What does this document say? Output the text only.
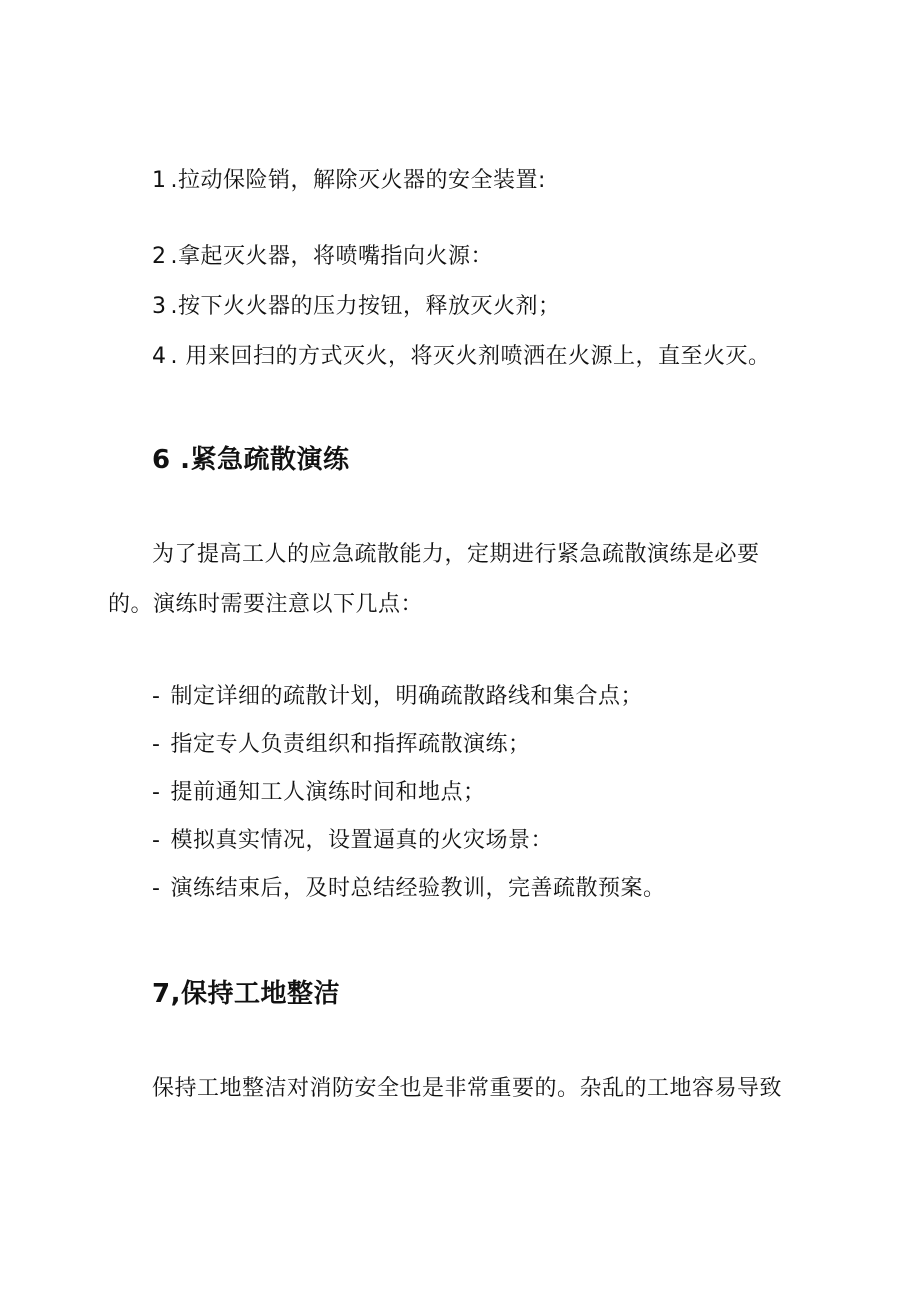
1 .拉动保险销，解除灭火器的安全装置:
2 .拿起灭火器，将喷嘴指向火源：
3 .按下火火器的压力按钮，释放灭火剂；
4 . 用来回扫的方式灭火，将灭火剂喷洒在火源上，直至火灭。
6 .紧急疏散演练
为了提高工人的应急疏散能力，定期进行紧急疏散演练是必要
的。演练时需要注意以下几点：
- 制定详细的疏散计划，明确疏散路线和集合点；
- 指定专人负责组织和指挥疏散演练；
- 提前通知工人演练时间和地点；
- 模拟真实情况，设置逼真的火灾场景：
- 演练结束后，及时总结经验教训，完善疏散预案。
7,保持工地整洁
保持工地整洁对消防安全也是非常重要的。杂乱的工地容易导致
